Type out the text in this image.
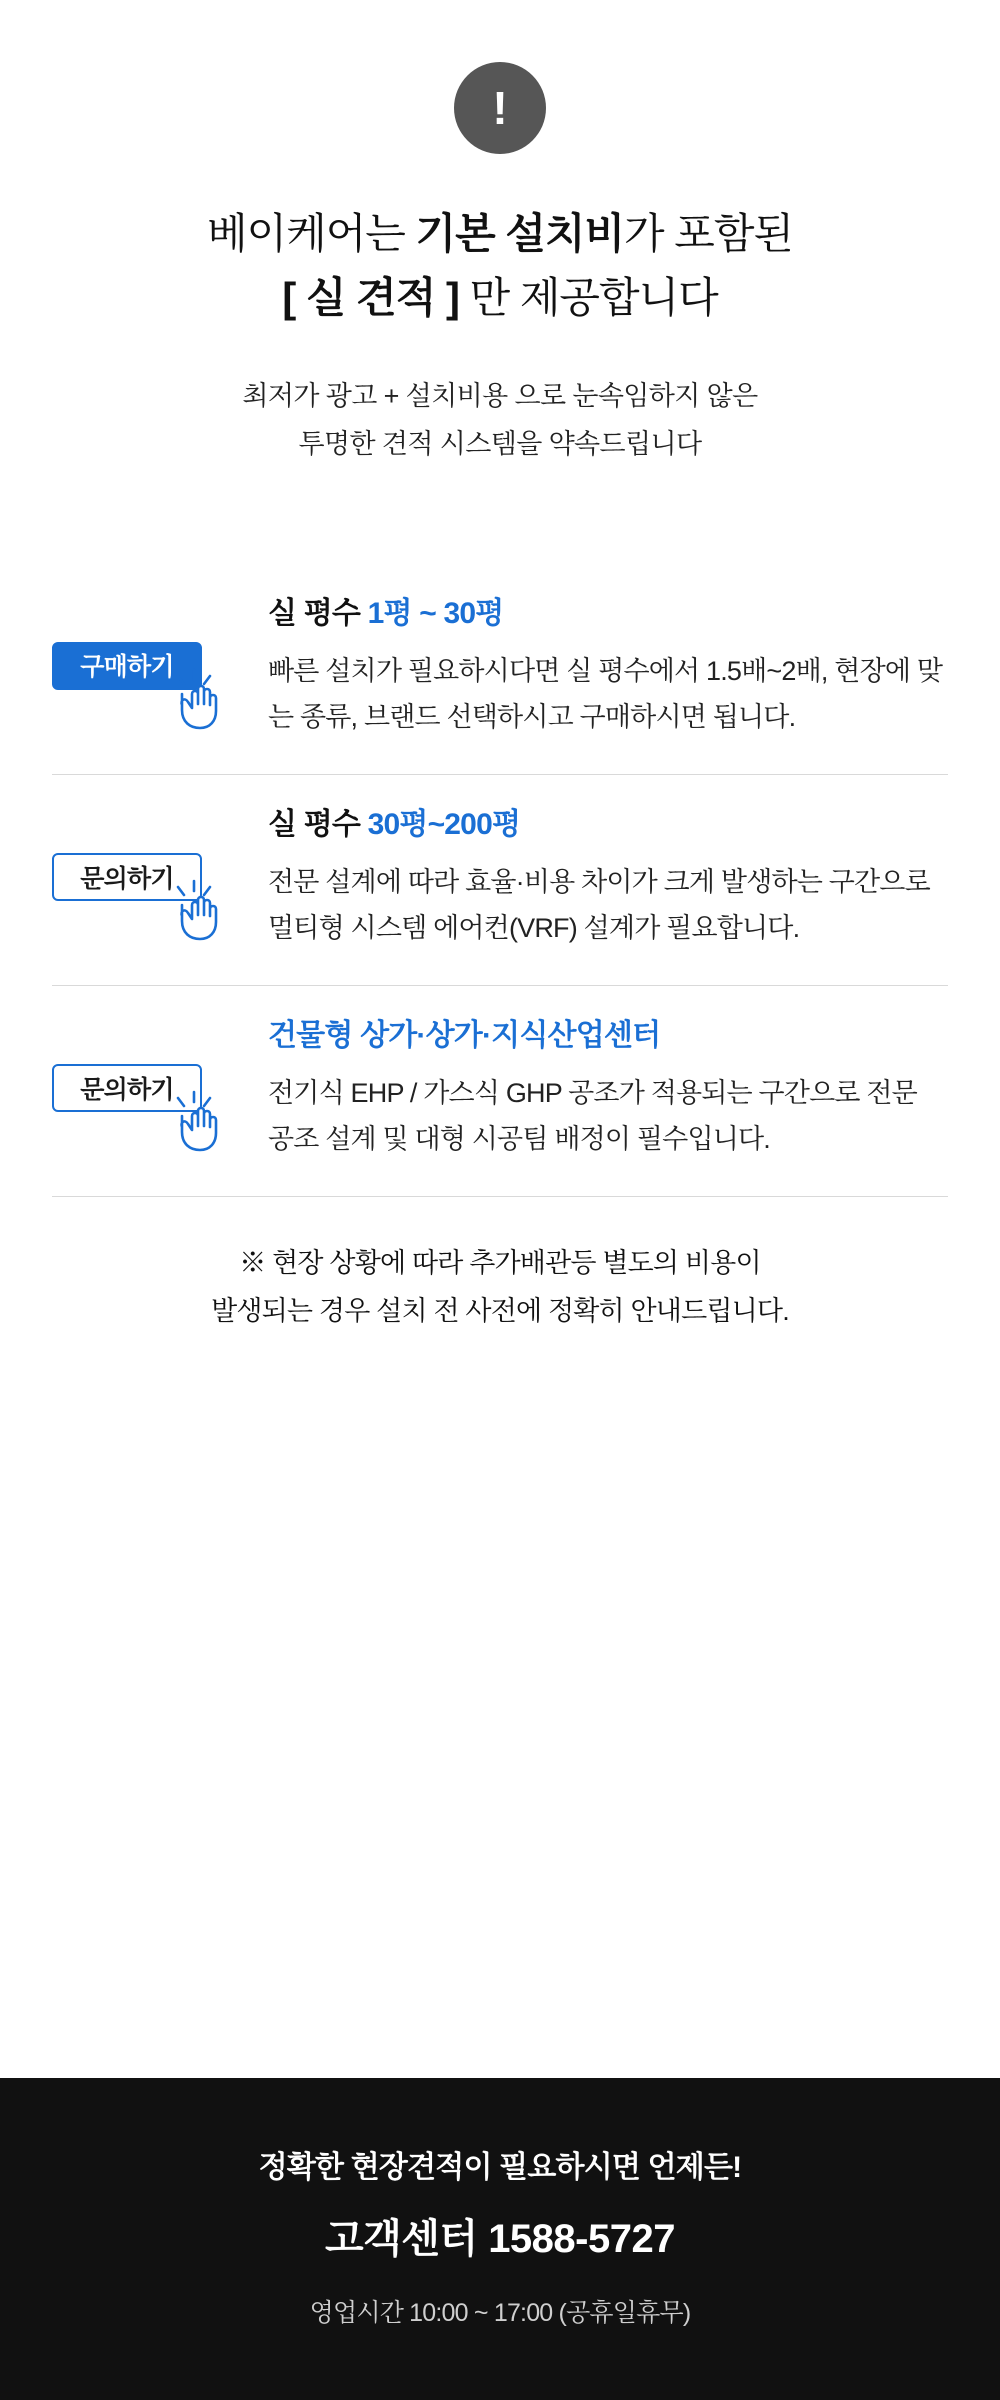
!
베이케어는 기본 설치비가 포함된
[ 실 견적 ] 만 제공합니다
최저가 광고 + 설치비용 으로 눈속임하지 않은
투명한 견적 시스템을 약속드립니다
구매하기
실 평수 1평 ~ 30평
빠른 설치가 필요하시다면 실 평수에서 1.5배~2배, 현장에 맞는 종류, 브랜드 선택하시고 구매하시면 됩니다.
문의하기
실 평수 30평~200평
전문 설계에 따라 효율·비용 차이가 크게 발생하는 구간으로 멀티형 시스템 에어컨(VRF) 설계가 필요합니다.
문의하기
건물형 상가·상가·지식산업센터
전기식 EHP / 가스식 GHP 공조가 적용되는 구간으로 전문 공조 설계 및 대형 시공팀 배정이 필수입니다.
※ 현장 상황에 따라 추가배관등 별도의 비용이
발생되는 경우 설치 전 사전에 정확히 안내드립니다.
정확한 현장견적이 필요하시면 언제든!
고객센터 1588-5727
영업시간 10:00 ~ 17:00 (공휴일휴무)
